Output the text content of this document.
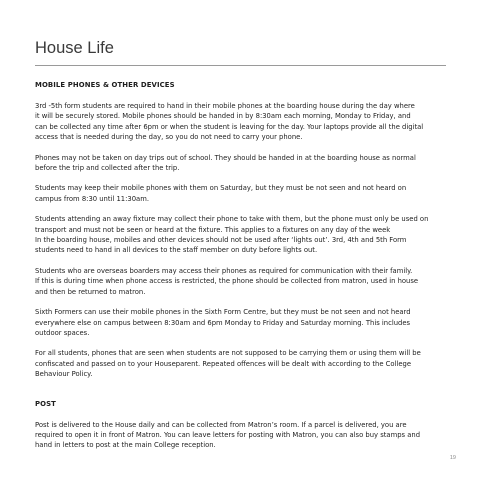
House Life
MOBILE PHONES & OTHER DEVICES

3rd -5th form students are required to hand in their mobile phones at the boarding house during the day where
it will be securely stored. Mobile phones should be handed in by 8:30am each morning, Monday to Friday, and
can be collected any time after 6pm or when the student is leaving for the day. Your laptops provide all the digital
access that is needed during the day, so you do not need to carry your phone.

Phones may not be taken on day trips out of school. They should be handed in at the boarding house as normal
before the trip and collected after the trip.

Students may keep their mobile phones with them on Saturday, but they must be not seen and not heard on
campus from 8:30 until 11:30am.

Students attending an away fixture may collect their phone to take with them, but the phone must only be used on
transport and must not be seen or heard at the fixture. This applies to a fixtures on any day of the week
In the boarding house, mobiles and other devices should not be used after ‘lights out’. 3rd, 4th and 5th Form
students need to hand in all devices to the staff member on duty before lights out.

Students who are overseas boarders may access their phones as required for communication with their family.
If this is during time when phone access is restricted, the phone should be collected from matron, used in house
and then be returned to matron.

Sixth Formers can use their mobile phones in the Sixth Form Centre, but they must be not seen and not heard
everywhere else on campus between 8:30am and 6pm Monday to Friday and Saturday morning. This includes
outdoor spaces.

For all students, phones that are seen when students are not supposed to be carrying them or using them will be
confiscated and passed on to your Houseparent. Repeated offences will be dealt with according to the College
Behaviour Policy.

POST

Post is delivered to the House daily and can be collected from Matron’s room. If a parcel is delivered, you are
required to open it in front of Matron. You can leave letters for posting with Matron, you can also buy stamps and
hand in letters to post at the main College reception.

19
